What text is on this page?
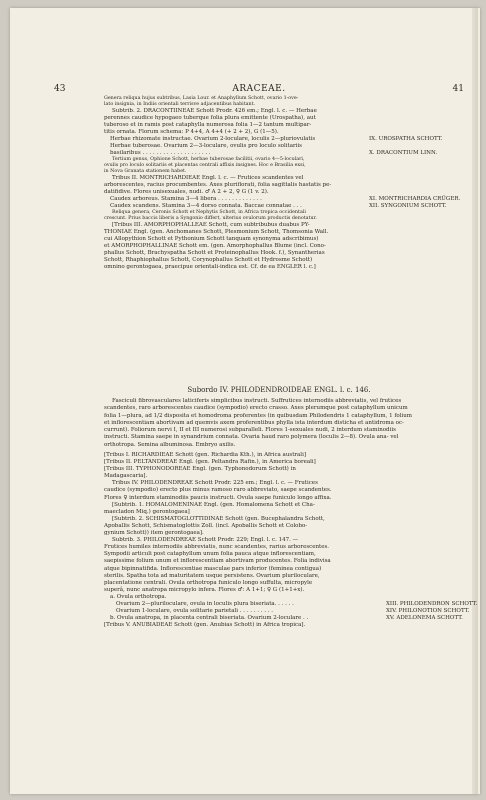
43	ARACEAE.	41

Genera reliqua hujus subtribus, Lasia Lour. et Anaphyllum Schott, ovario 1-ove-

lato insignia, in Indiis orientali terrisve adjacentibus habitant.

Subtrib. 2. DRACONTIINEAE Schott Prodr. 426 em.; Engl. l. c. — Herbae

perennes caudice hypogaeo tuberque folia plura emittente (Urospatha), aut

tuberoso et in ramis post cataphylla numerosa folia 1—2 tantum multipar-

titis ornata. Florum schema: P 4+4, A 4+4 (+ 2 + 2), G (1—5).

Herbae rhizomate instructae. Ovarium 2-loculare, loculis 2—pluriovulatis	IX. UROSPATHA SCHOTT.

Herbae tuberosae. Ovarium 2—3-loculare, ovulis pro loculo solitariis

basilaribus . . . . . . . . . . . . . . . . . . . .	X. DRACONTIUM LINN.

Tertium genus, Ophione Schott, herbae tuberosae facilitii, ovario 4—5-loculari,

ovulis pro loculo solitariis et placentas centrali affixis insignes. Hoc e Brasilia exsi,

in Nova Granata stationem habet.

Tribus II. MONTRICHARDIEAE Engl. l. c. — Frutices scandentes vel

arborescentes, racius procumbentes. Axes pluriflorati, folia sagittalis hastatis pe-

datifidive. Flores unisexuales, nudi. ♂ A 2 + 2, ♀ G (1 v. 2).

Caudex arboreus. Stamina 3—4 libera . . . . . . . . . . . . .	XI. MONTRICHARDIA CRÜGER.

Caudex scandens. Stamina 3—4 dorso connata. Baccae connatae . . .	XII. SYNGONIUM SCHOTT.

Reliqua genera, Ceronis Schott et Nephytis Schott, in Africa tropica occidentali

crescunt. Prius baccis liberis a Syngonio differt, ulterius ovulorum productis denotatur.

[Tribus III. AMORPHOPHALLEAE Schott, cum subtribubus duabus PY-

THONIAE Engl. (gen. Anchomanes Schott, Plesmonium Schott, Thomsonia Wall.

cui Allopythion Schott et Pythonium Schott tanquam synonyma adscribimus)

et AMORPHOPHALLINAE Schott em. (gen. Amorphophallus Blume (incl. Cono-

phallus Schott, Brachyspatha Schott et Proteinophallus Hook. f.), Synantherias

Schott, Rhaphiophallus Schott, Corynophallus Schott et Hydrosme Schott)

omnino gerontogaea, praecipue orientali-indica est. Cf. de ea ENGLER l. c.]

Subordo IV. PHILODENDROIDEAE ENGL. l. c. 146.

Fasciculi fibrovasculares laticiferis simplicibus instructi. Suffrutices internodiis abbreviatis, vel frutices

scandentes, raro arborescentes caudice (sympodio) erecto crasso. Axes plerumque post cataphyllum unicum

folia 1—plura, ad 1/2 disposita et homodroma proferentes (in quibusdam Philodendris 1 cataphyllum, 1 folium

et inflorescentiam abortivam ad quemvis axem proferentibus phylla ista interdum disticha et antidroma oc-

currunt). Foliorum nervi I, II et III numerosi subparalleli. Flores 1-sexuales nudi, 2 interdum staminodiis

instructi. Stamina saepe in synandrium connata. Ovaria haud raro polymera (loculis 2—8). Ovula ana- vel

orthotropa. Semina albuminosa. Embryo axilis.

[Tribus I. RICHARDIEAE Schott (gen. Richardia Kth.), in Africa australi]

[Tribus II. PELTANDREAE Engl. (gen. Peltandra Rafin.), in America boreali]

[Tribus III. TYPHONODOREAE Engl. (gen. Typhonodorum Schott) in

Madagascaria].

Tribus IV. PHILODENDREAE Schott Prodr. 225 em.; Engl. l. c. — Frutices

caudice (sympodio) erecto plus minus ramoso raro abbreviato, saepe scandentes.

Flores ♀ interdum staminodiis paucis instructi. Ovula saepe funiculo longo affixa.

[Subtrib. 1. HOMALOMENINAE Engl. (gen. Homalomena Schott et Cha-

maecladon Miq.) gerontogaea]

[Subtrib. 2. SCHISMATOGLOTTIDINAE Schott (gen. Bucephalandra Schott,

Apoballis Schott, Schismatoglottis Zoll. (incl. Apoballis Schott et Colobo-

gynium Schott)) item gerontogaea].

Subtrib. 3. PHILODENDREAE Schott Prodr. 229; Engl. l. c. 147. —

Frutices humiles internodiis abbreviatis, nunc scandentes, rarius arborescentes.

Sympodii articuli post cataphyllum unum folia pauca atque inflorescentiam,

saepissime folium unum et inflorescentiam abortivam producentes. Folia indivisa

atque bipinnatifida. Inflorescentiae masculae pars inferior (feminea contigua)

sterilis. Spatha tota ad maturitatem usque persistens. Ovarium pluriloculare,

placentatione centrali. Ovula orthotropa funiculo longo suffulta, micropyle

superâ, nunc anatropa micropylo infera. Flores ♂: A 1+1; ♀ G (1+1+x).

a. Ovula orthotropa.

Ovarium 2—pluriloculare, ovula in loculis plura biseriata. . . . . .	XIII. PHILODENDRON SCHOTT.

Ovarium 1-loculare, ovula solitarie parietali . . . . . . . . . .	XIV. PHILONOTION SCHOTT.

b. Ovula anatropa, in placenta centrali biseriata. Ovarium 2-loculare . .	XV. ADELONEMA SCHOTT.

[Tribus V. ANUBIADEAE Schott (gen. Anubias Schott) in Africa tropica].
